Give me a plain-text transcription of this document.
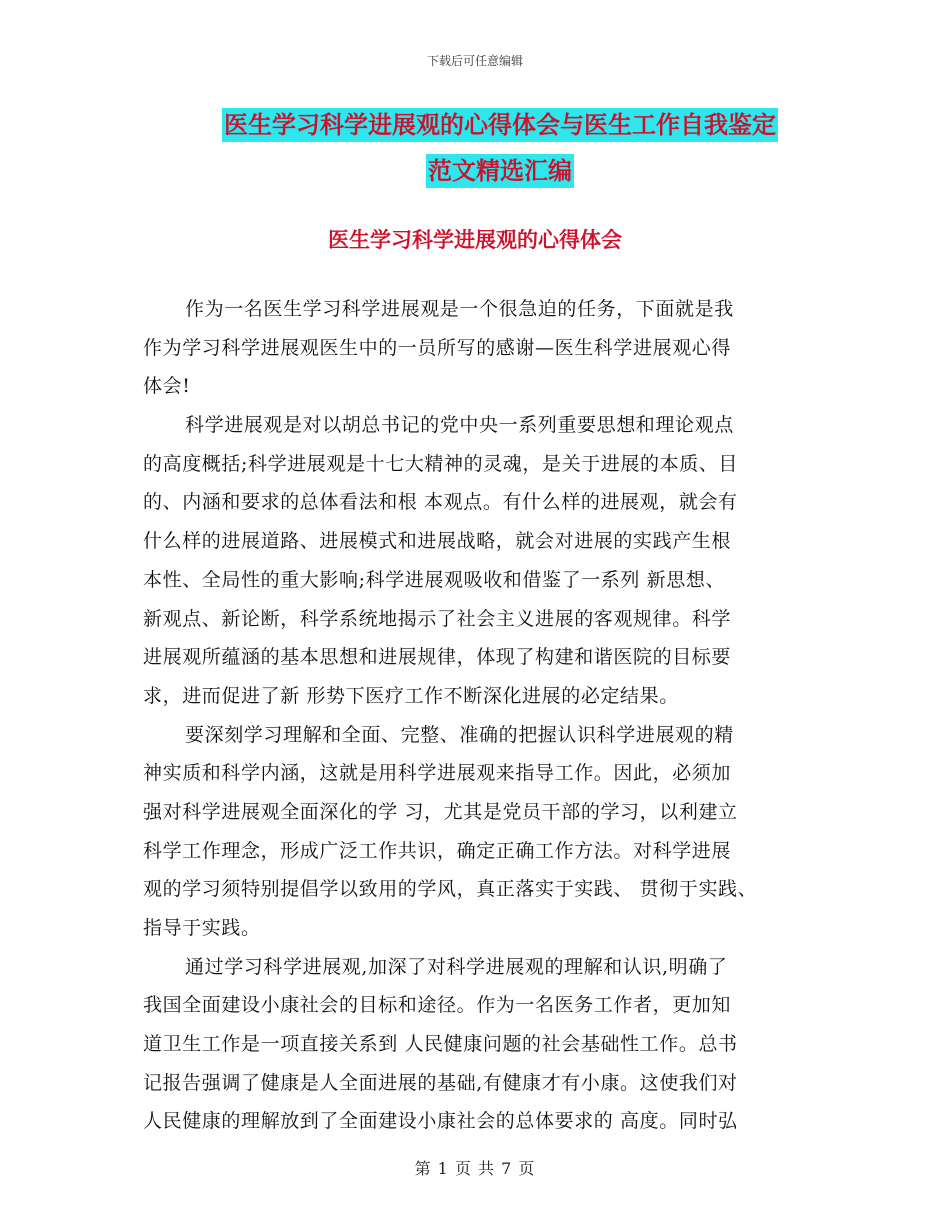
下载后可任意编辑
医生学习科学进展观的心得体会与医生工作自我鉴定
范文精选汇编
医生学习科学进展观的心得体会
作为一名医生学习科学进展观是一个很急迫的任务，下面就是我
作为学习科学进展观医生中的一员所写的感谢—医生科学进展观心得
体会!
科学进展观是对以胡总书记的党中央一系列重要思想和理论观点
的高度概括;科学进展观是十七大精神的灵魂，是关于进展的本质、目
的、内涵和要求的总体看法和根 本观点。有什么样的进展观，就会有
什么样的进展道路、进展模式和进展战略，就会对进展的实践产生根
本性、全局性的重大影响;科学进展观吸收和借鉴了一系列 新思想、
新观点、新论断，科学系统地揭示了社会主义进展的客观规律。科学
进展观所蕴涵的基本思想和进展规律，体现了构建和谐医院的目标要
求，进而促进了新 形势下医疗工作不断深化进展的必定结果。
要深刻学习理解和全面、完整、准确的把握认识科学进展观的精
神实质和科学内涵，这就是用科学进展观来指导工作。因此，必须加
强对科学进展观全面深化的学 习，尤其是党员干部的学习，以利建立
科学工作理念，形成广泛工作共识，确定正确工作方法。对科学进展
观的学习须特别提倡学以致用的学风，真正落实于实践、 贯彻于实践、
指导于实践。
通过学习科学进展观,加深了对科学进展观的理解和认识,明确了
我国全面建设小康社会的目标和途径。作为一名医务工作者，更加知
道卫生工作是一项直接关系到 人民健康问题的社会基础性工作。总书
记报告强调了健康是人全面进展的基础,有健康才有小康。这使我们对
人民健康的理解放到了全面建设小康社会的总体要求的 高度。同时弘
第 1 页 共 7 页
